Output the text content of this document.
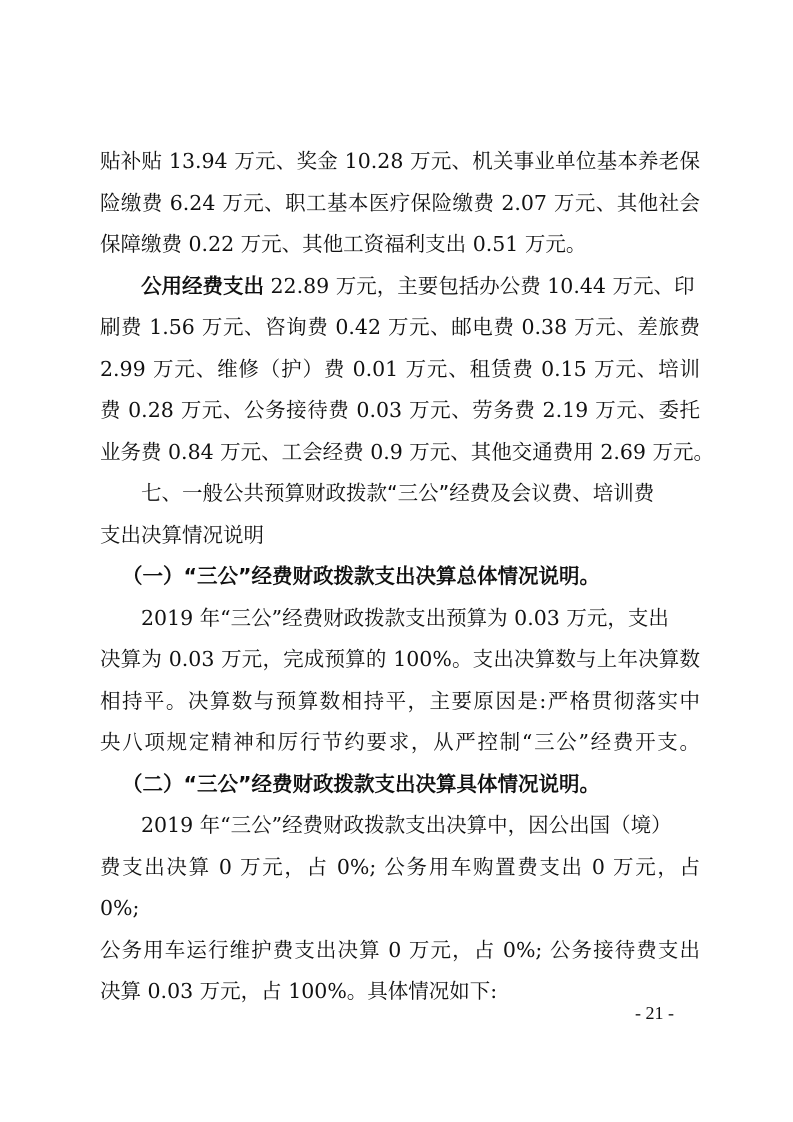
贴补贴 13.94 万元、奖金 10.28 万元、机关事业单位基本养老保
险缴费 6.24 万元、职工基本医疗保险缴费 2.07 万元、其他社会
保障缴费 0.22 万元、其他工资福利支出 0.51 万元。
公用经费支出 22.89 万元，主要包括办公费 10.44 万元、印
刷费 1.56 万元、咨询费 0.42 万元、邮电费 0.38 万元、差旅费
2.99 万元、维修（护）费 0.01 万元、租赁费 0.15 万元、培训
费 0.28 万元、公务接待费 0.03 万元、劳务费 2.19 万元、委托
业务费 0.84 万元、工会经费 0.9 万元、其他交通费用 2.69 万元。
七、一般公共预算财政拨款“三公”经费及会议费、培训费
支出决算情况说明
（一）“三公”经费财政拨款支出决算总体情况说明。
2019 年“三公”经费财政拨款支出预算为 0.03 万元，支出
决算为 0.03 万元，完成预算的 100%。支出决算数与上年决算数
相持平。决算数与预算数相持平，主要原因是:严格贯彻落实中
央八项规定精神和厉行节约要求，从严控制“三公”经费开支。
（二）“三公”经费财政拨款支出决算具体情况说明。
2019 年“三公”经费财政拨款支出决算中，因公出国（境）
费支出决算 0 万元，占 0%; 公务用车购置费支出 0 万元，占 0%;
公务用车运行维护费支出决算 0 万元，占 0%; 公务接待费支出
决算 0.03 万元，占 100%。具体情况如下:
- 21 -
